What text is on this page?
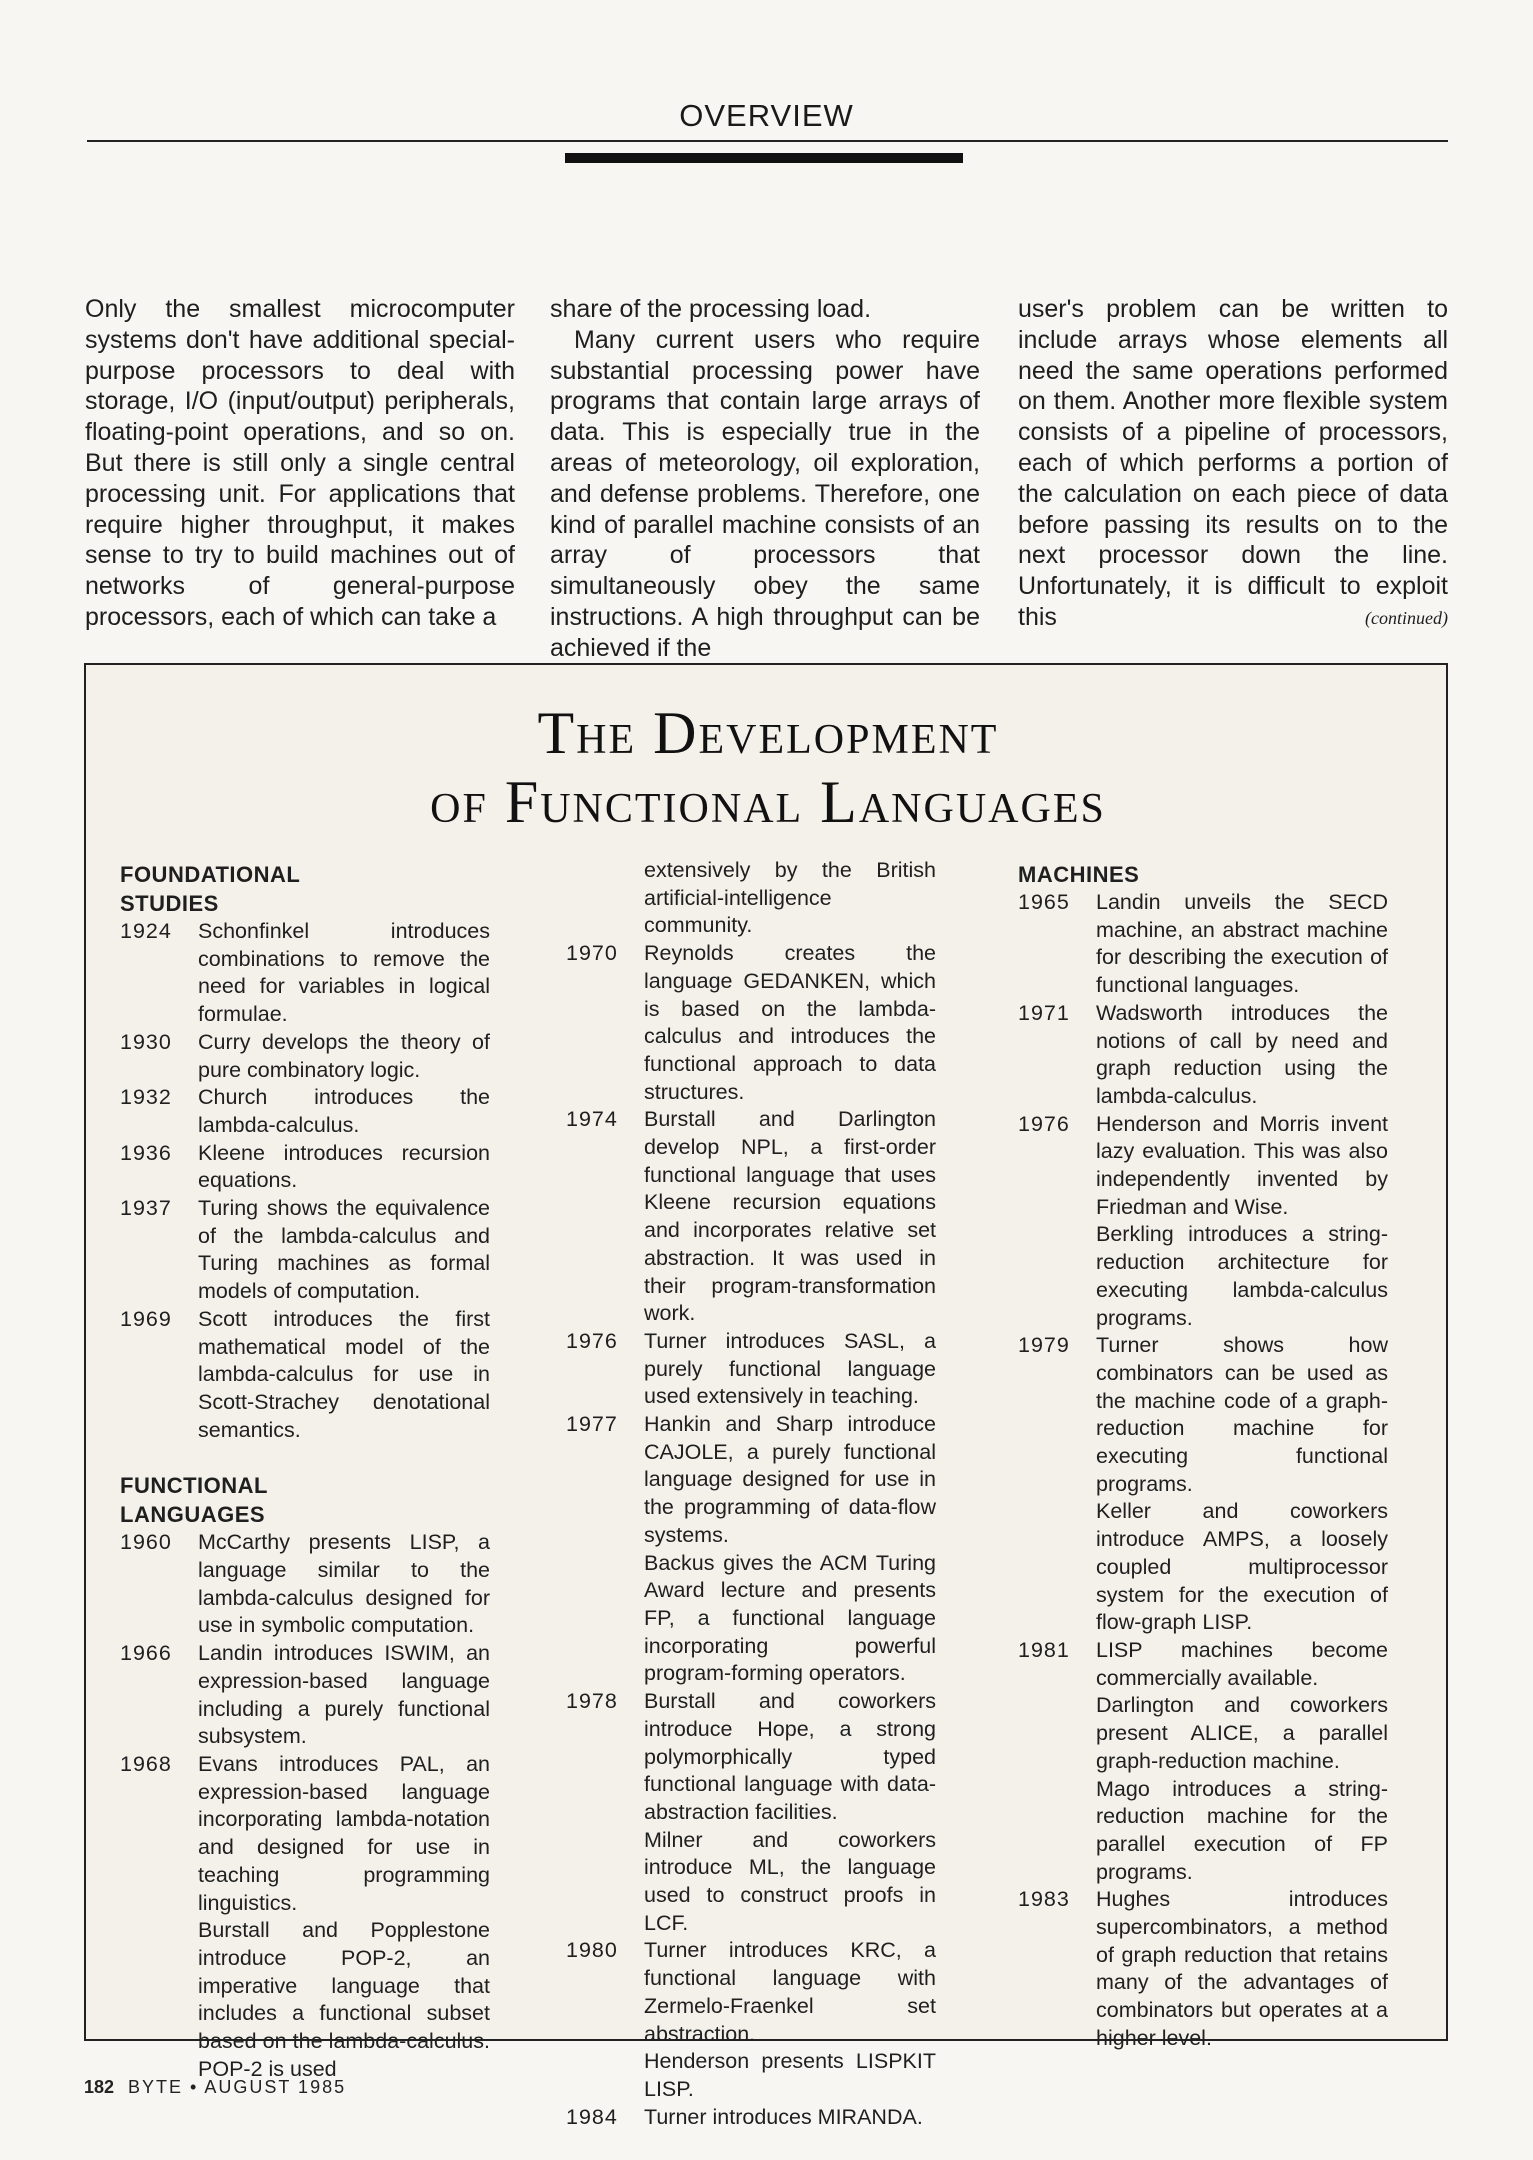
OVERVIEW

Only the smallest microcomputer systems don't have additional special-purpose processors to deal with storage, I/O (input/output) peripherals, floating-point operations, and so on. But there is still only a single central processing unit. For applications that require higher throughput, it makes sense to try to build machines out of networks of general-purpose processors, each of which can take a

share of the processing load.

Many current users who require substantial processing power have programs that contain large arrays of data. This is especially true in the areas of meteorology, oil exploration, and defense problems. Therefore, one kind of parallel machine consists of an array of processors that simultaneously obey the same instructions. A high throughput can be achieved if the

user's problem can be written to include arrays whose elements all need the same operations performed on them. Another more flexible system consists of a pipeline of processors, each of which performs a portion of the calculation on each piece of data before passing its results on to the next processor down the line. Unfortunately, it is difficult to exploit this	(continued)
The Development
of Functional Languages
FOUNDATIONAL
STUDIES
1924	Schonfinkel introduces combinations to remove the need for variables in logical formulae.
1930	Curry develops the theory of pure combinatory logic.
1932	Church introduces the lambda-calculus.
1936	Kleene introduces recursion equations.
1937	Turing shows the equivalence of the lambda-calculus and Turing machines as formal models of computation.
1969	Scott introduces the first mathematical model of the lambda-calculus for use in Scott-Strachey denotational semantics.
FUNCTIONAL
LANGUAGES
1960	McCarthy presents LISP, a language similar to the lambda-calculus designed for use in symbolic computation.
1966	Landin introduces ISWIM, an expression-based language including a purely functional subsystem.
1968	Evans introduces PAL, an expression-based language incorporating lambda-notation and designed for use in teaching programming linguistics.
Burstall and Popplestone introduce POP-2, an imperative language that includes a functional subset based on the lambda-calculus. POP-2 is used
extensively by the British artificial-intelligence community.
1970	Reynolds creates the language GEDANKEN, which is based on the lambda-calculus and introduces the functional approach to data structures.
1974	Burstall and Darlington develop NPL, a first-order functional language that uses Kleene recursion equations and incorporates relative set abstraction. It was used in their program-transformation work.
1976	Turner introduces SASL, a purely functional language used extensively in teaching.
1977	Hankin and Sharp introduce CAJOLE, a purely functional language designed for use in the programming of data-flow systems.
Backus gives the ACM Turing Award lecture and presents FP, a functional language incorporating powerful program-forming operators.
1978	Burstall and coworkers introduce Hope, a strong polymorphically typed functional language with data-abstraction facilities.
Milner and coworkers introduce ML, the language used to construct proofs in LCF.
1980	Turner introduces KRC, a functional language with Zermelo-Fraenkel set abstraction.
Henderson presents LISPKIT LISP.
1984	Turner introduces MIRANDA.
MACHINES
1965	Landin unveils the SECD machine, an abstract machine for describing the execution of functional languages.
1971	Wadsworth introduces the notions of call by need and graph reduction using the lambda-calculus.
1976	Henderson and Morris invent lazy evaluation. This was also independently invented by Friedman and Wise.
Berkling introduces a string-reduction architecture for executing lambda-calculus programs.
1979	Turner shows how combinators can be used as the machine code of a graph-reduction machine for executing functional programs.
Keller and coworkers introduce AMPS, a loosely coupled multiprocessor system for the execution of flow-graph LISP.
1981	LISP machines become commercially available.
Darlington and coworkers present ALICE, a parallel graph-reduction machine.
Mago introduces a string-reduction machine for the parallel execution of FP programs.
1983	Hughes introduces supercombinators, a method of graph reduction that retains many of the advantages of combinators but operates at a higher level.
182 BYTE • AUGUST 1985
